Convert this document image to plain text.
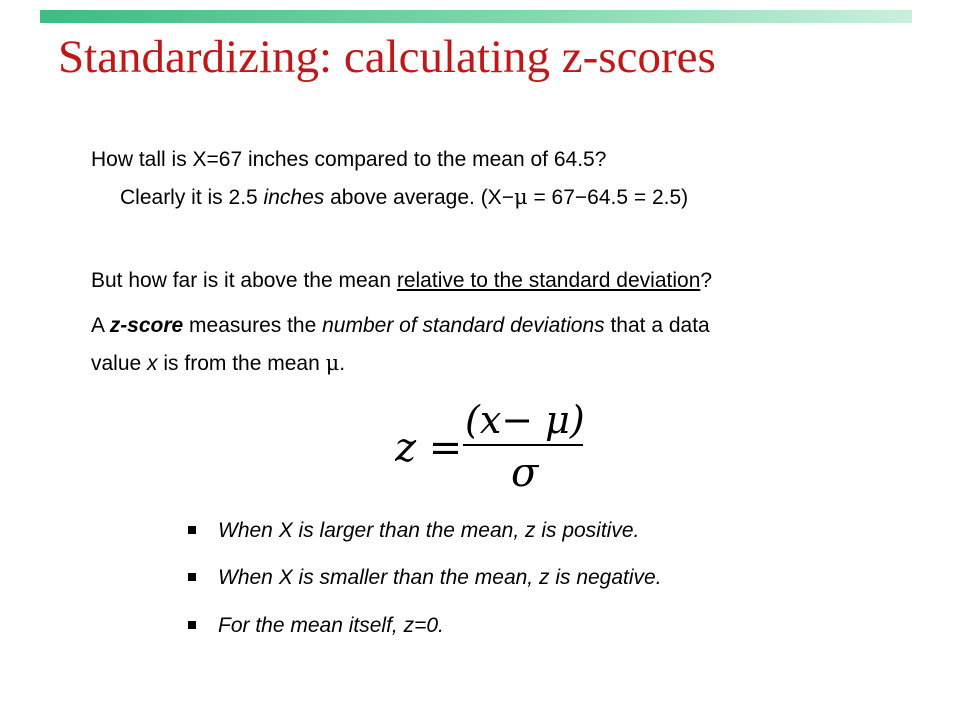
Standardizing: calculating z-scores
How tall is X=67 inches compared to the mean of 64.5?
Clearly it is 2.5 inches above average. (X−μ = 67−64.5 = 2.5)
But how far is it above the mean relative to the standard deviation?
A z-score measures the number of standard deviations that a data
value x is from the mean μ.
z =
(x− μ)
σ
When X is larger than the mean, z is positive.
When X is smaller than the mean, z is negative.
For the mean itself, z=0.
